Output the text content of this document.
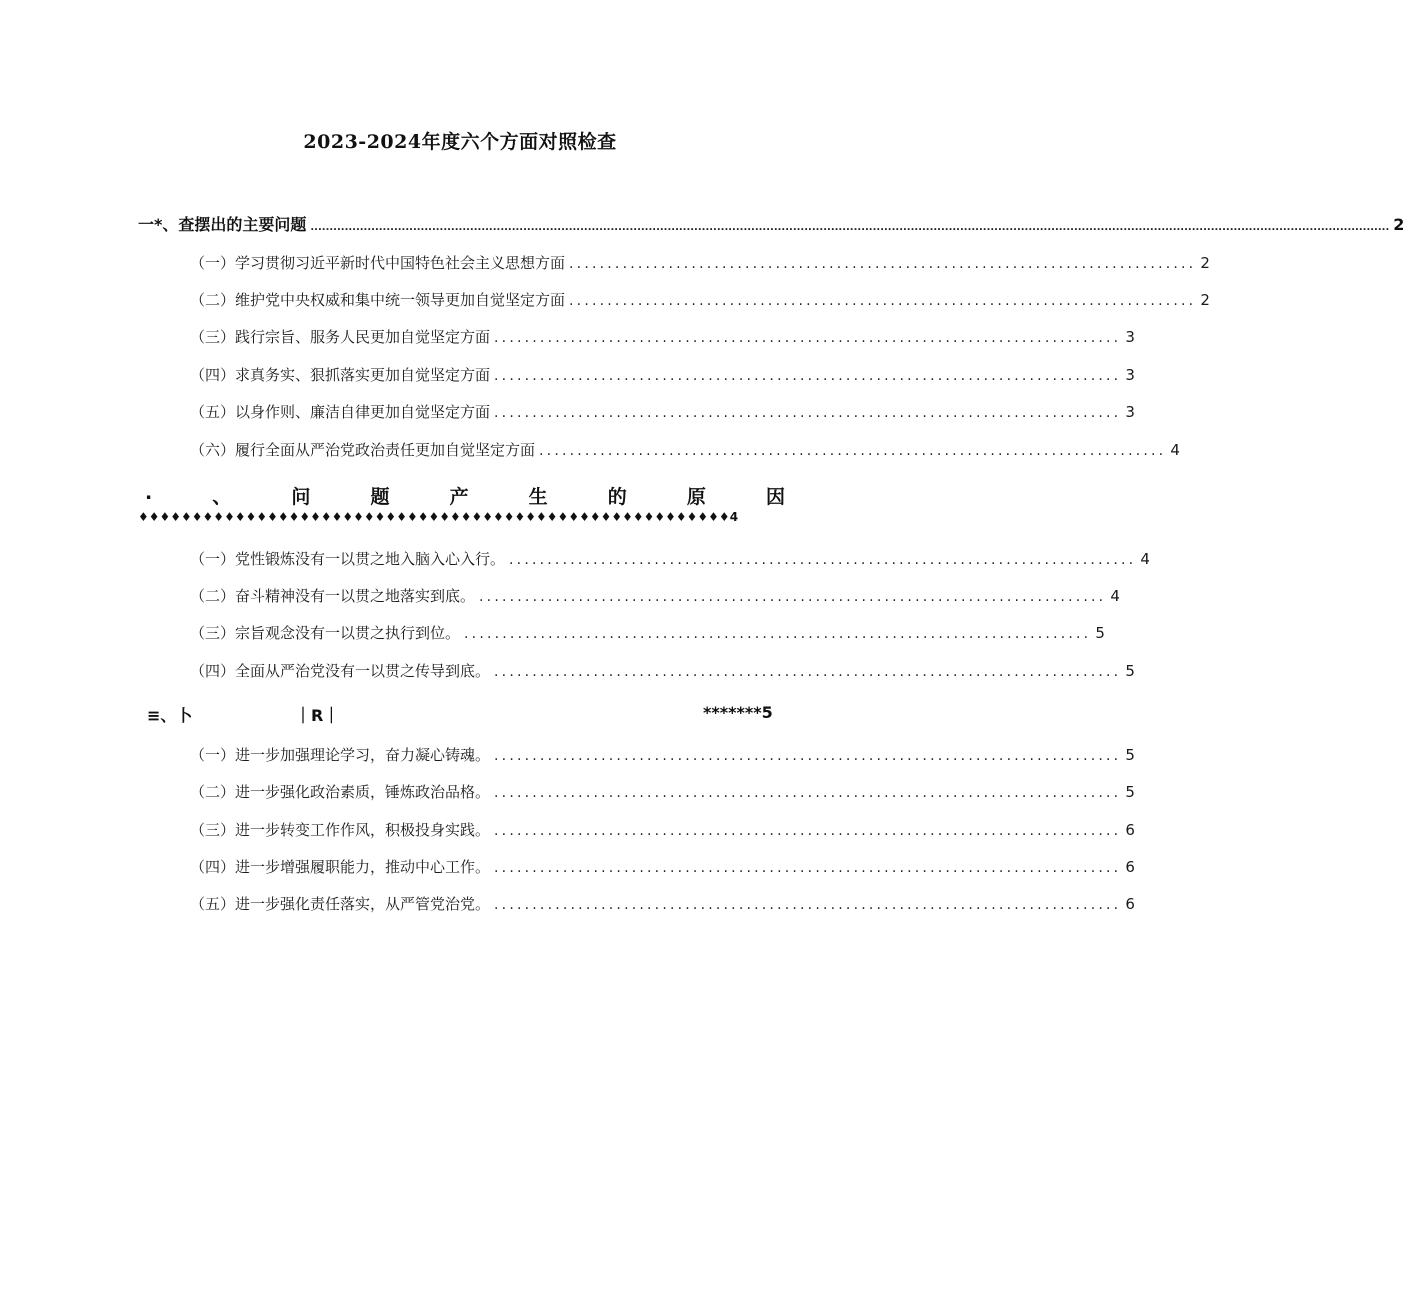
2023-2024年度六个方面对照检查
一*、查摆出的主要问题 ............................................................................................................................................................................................................................................................................................ 2
（一）学习贯彻习近平新时代中国特色社会主义思想方面 .................................................................................. 2
（二）维护党中央权威和集中统一领导更加自觉坚定方面 .................................................................................. 2
（三）践行宗旨、服务人民更加自觉坚定方面 .................................................................................. 3
（四）求真务实、狠抓落实更加自觉坚定方面 .................................................................................. 3
（五）以身作则、廉洁自律更加自觉坚定方面 .................................................................................. 3
（六）履行全面从严治党政治责任更加自觉坚定方面 .................................................................................. 4
.	、	问	题	产	生	的	原	因
♦♦♦♦♦♦♦♦♦♦♦♦♦♦♦♦♦♦♦♦♦♦♦♦♦♦♦♦♦♦♦♦♦♦♦♦♦♦♦♦♦♦♦♦♦♦♦♦♦♦♦♦♦♦♦4
（一）党性锻炼没有一以贯之地入脑入心入行。 .................................................................................. 4
（二）奋斗精神没有一以贯之地落实到底。 .................................................................................. 4
（三）宗旨观念没有一以贯之执行到位。 .................................................................................. 5
（四）全面从严治党没有一以贯之传导到底。 .................................................................................. 5
≡、卜	｜R｜	*******5
（一）进一步加强理论学习，奋力凝心铸魂。 .................................................................................. 5
（二）进一步强化政治素质，锤炼政治品格。 .................................................................................. 5
（三）进一步转变工作作风，积极投身实践。 .................................................................................. 6
（四）进一步增强履职能力，推动中心工作。 .................................................................................. 6
（五）进一步强化责任落实，从严管党治党。 .................................................................................. 6
